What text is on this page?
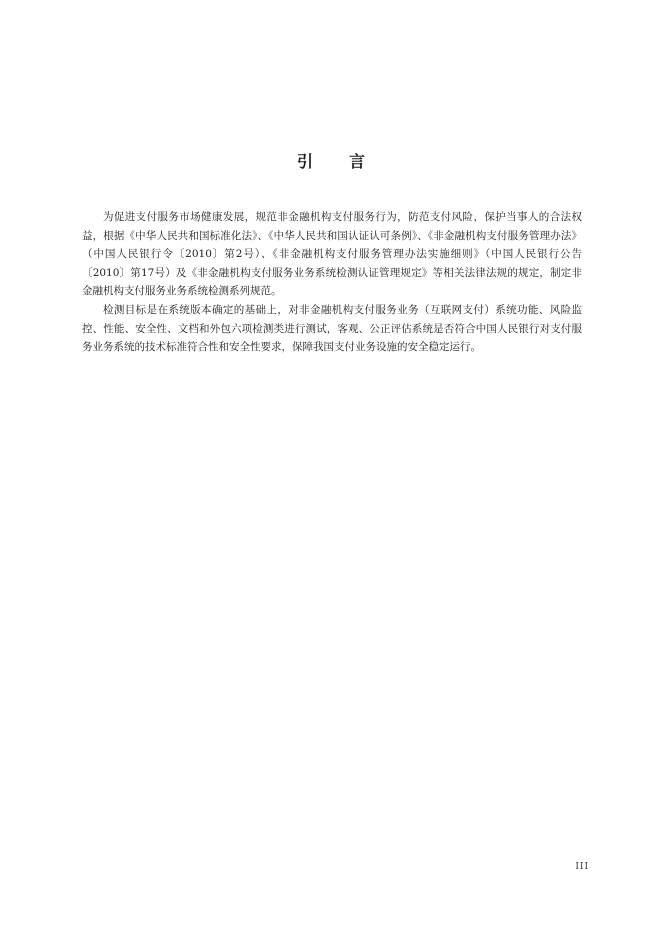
引言

为促进支付服务市场健康发展，规范非金融机构支付服务行为，防范支付风险，保护当事人的合法权益，根据《中华人民共和国标准化法》、《中华人民共和国认证认可条例》、《非金融机构支付服务管理办法》（中国人民银行令〔2010〕第2号）、《非金融机构支付服务管理办法实施细则》（中国人民银行公告〔2010〕第17号）及《非金融机构支付服务业务系统检测认证管理规定》等相关法律法规的规定，制定非金融机构支付服务业务系统检测系列规范。

检测目标是在系统版本确定的基础上，对非金融机构支付服务业务（互联网支付）系统功能、风险监控、性能、安全性、文档和外包六项检测类进行测试，客观、公正评估系统是否符合中国人民银行对支付服务业务系统的技术标准符合性和安全性要求，保障我国支付业务设施的安全稳定运行。

III
